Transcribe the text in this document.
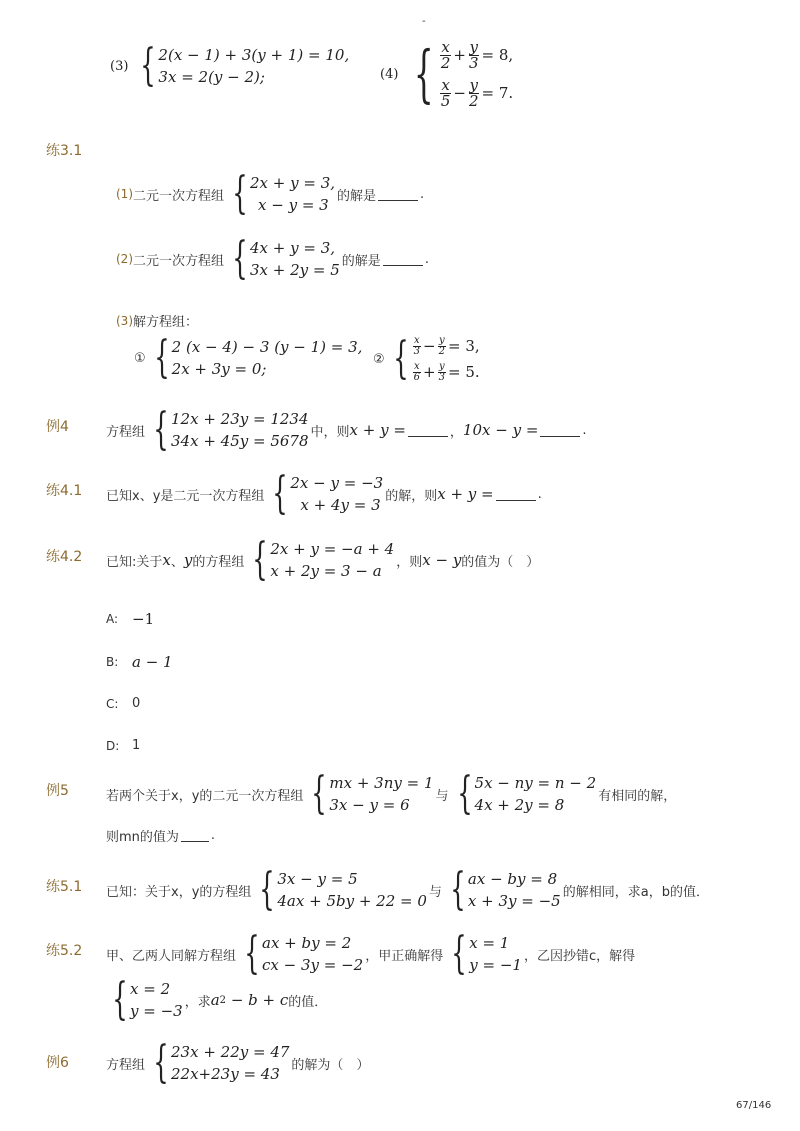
-
(3) { 2(x − 1) + 3(y + 1) = 10,
3x = 2(y − 2);	(4) { $\frac{x}{2} + \frac{y}{3} = 8$,
$\frac{x}{5} - \frac{y}{2} = 7$.
练3.1
(1) 二元一次方程组 { 2x + y = 3,
x − y = 3 的解是	.
(2) 二元一次方程组 { 4x + y = 3,
3x + 2y = 5 的解是	.
(3) 解方程组：
① { 2 (x − 4) − 3 (y − 1) = 3,
2x + 3y = 0;
② { $\frac{x}{3} - \frac{y}{2} = 3$,
$\frac{x}{6} + \frac{y}{3} = 5$.
例4	方程组 { 12x + 23y = 1234
34x + 45y = 5678 中，则 x + y =	， 10x − y =	.
练4.1 已知x、y是二元一次方程组 { 2x − y = −3
x + 4y = 3 的解，则 x + y =	.
练4.2 已知:关于 x 、 y 的方程组 { 2x + y = −a + 4
x + 2y = 3 − a	，则 x − y 的值为（　）
A: −1
B: a − 1
C:	0
D: 1
例5	若两个关于x，y的二元一次方程组 { mx + 3ny = 1
3x − y = 6	与 { 5x − ny = n − 2
4x + 2y = 8	有相同的解，
则mn的值为 .
练5.1 已知：关于x，y的方程组 { 3x − y = 5
4ax + 5by + 22 = 0 与 { ax − by = 8
x + 3y = −5 的解相同，求a，b的值．
练5.2 甲、乙两人同解方程组 { ax + by = 2
cx − 3y = −2 ，甲正确解得 { x = 1
y = −1 ，乙因抄错c，解得
{ x = 2
y = −3 ，求 a 2 − b + c 的值．
例6	方程组 { 23x + 22y = 47
22x+23y = 43 的解为（　）
67/146
